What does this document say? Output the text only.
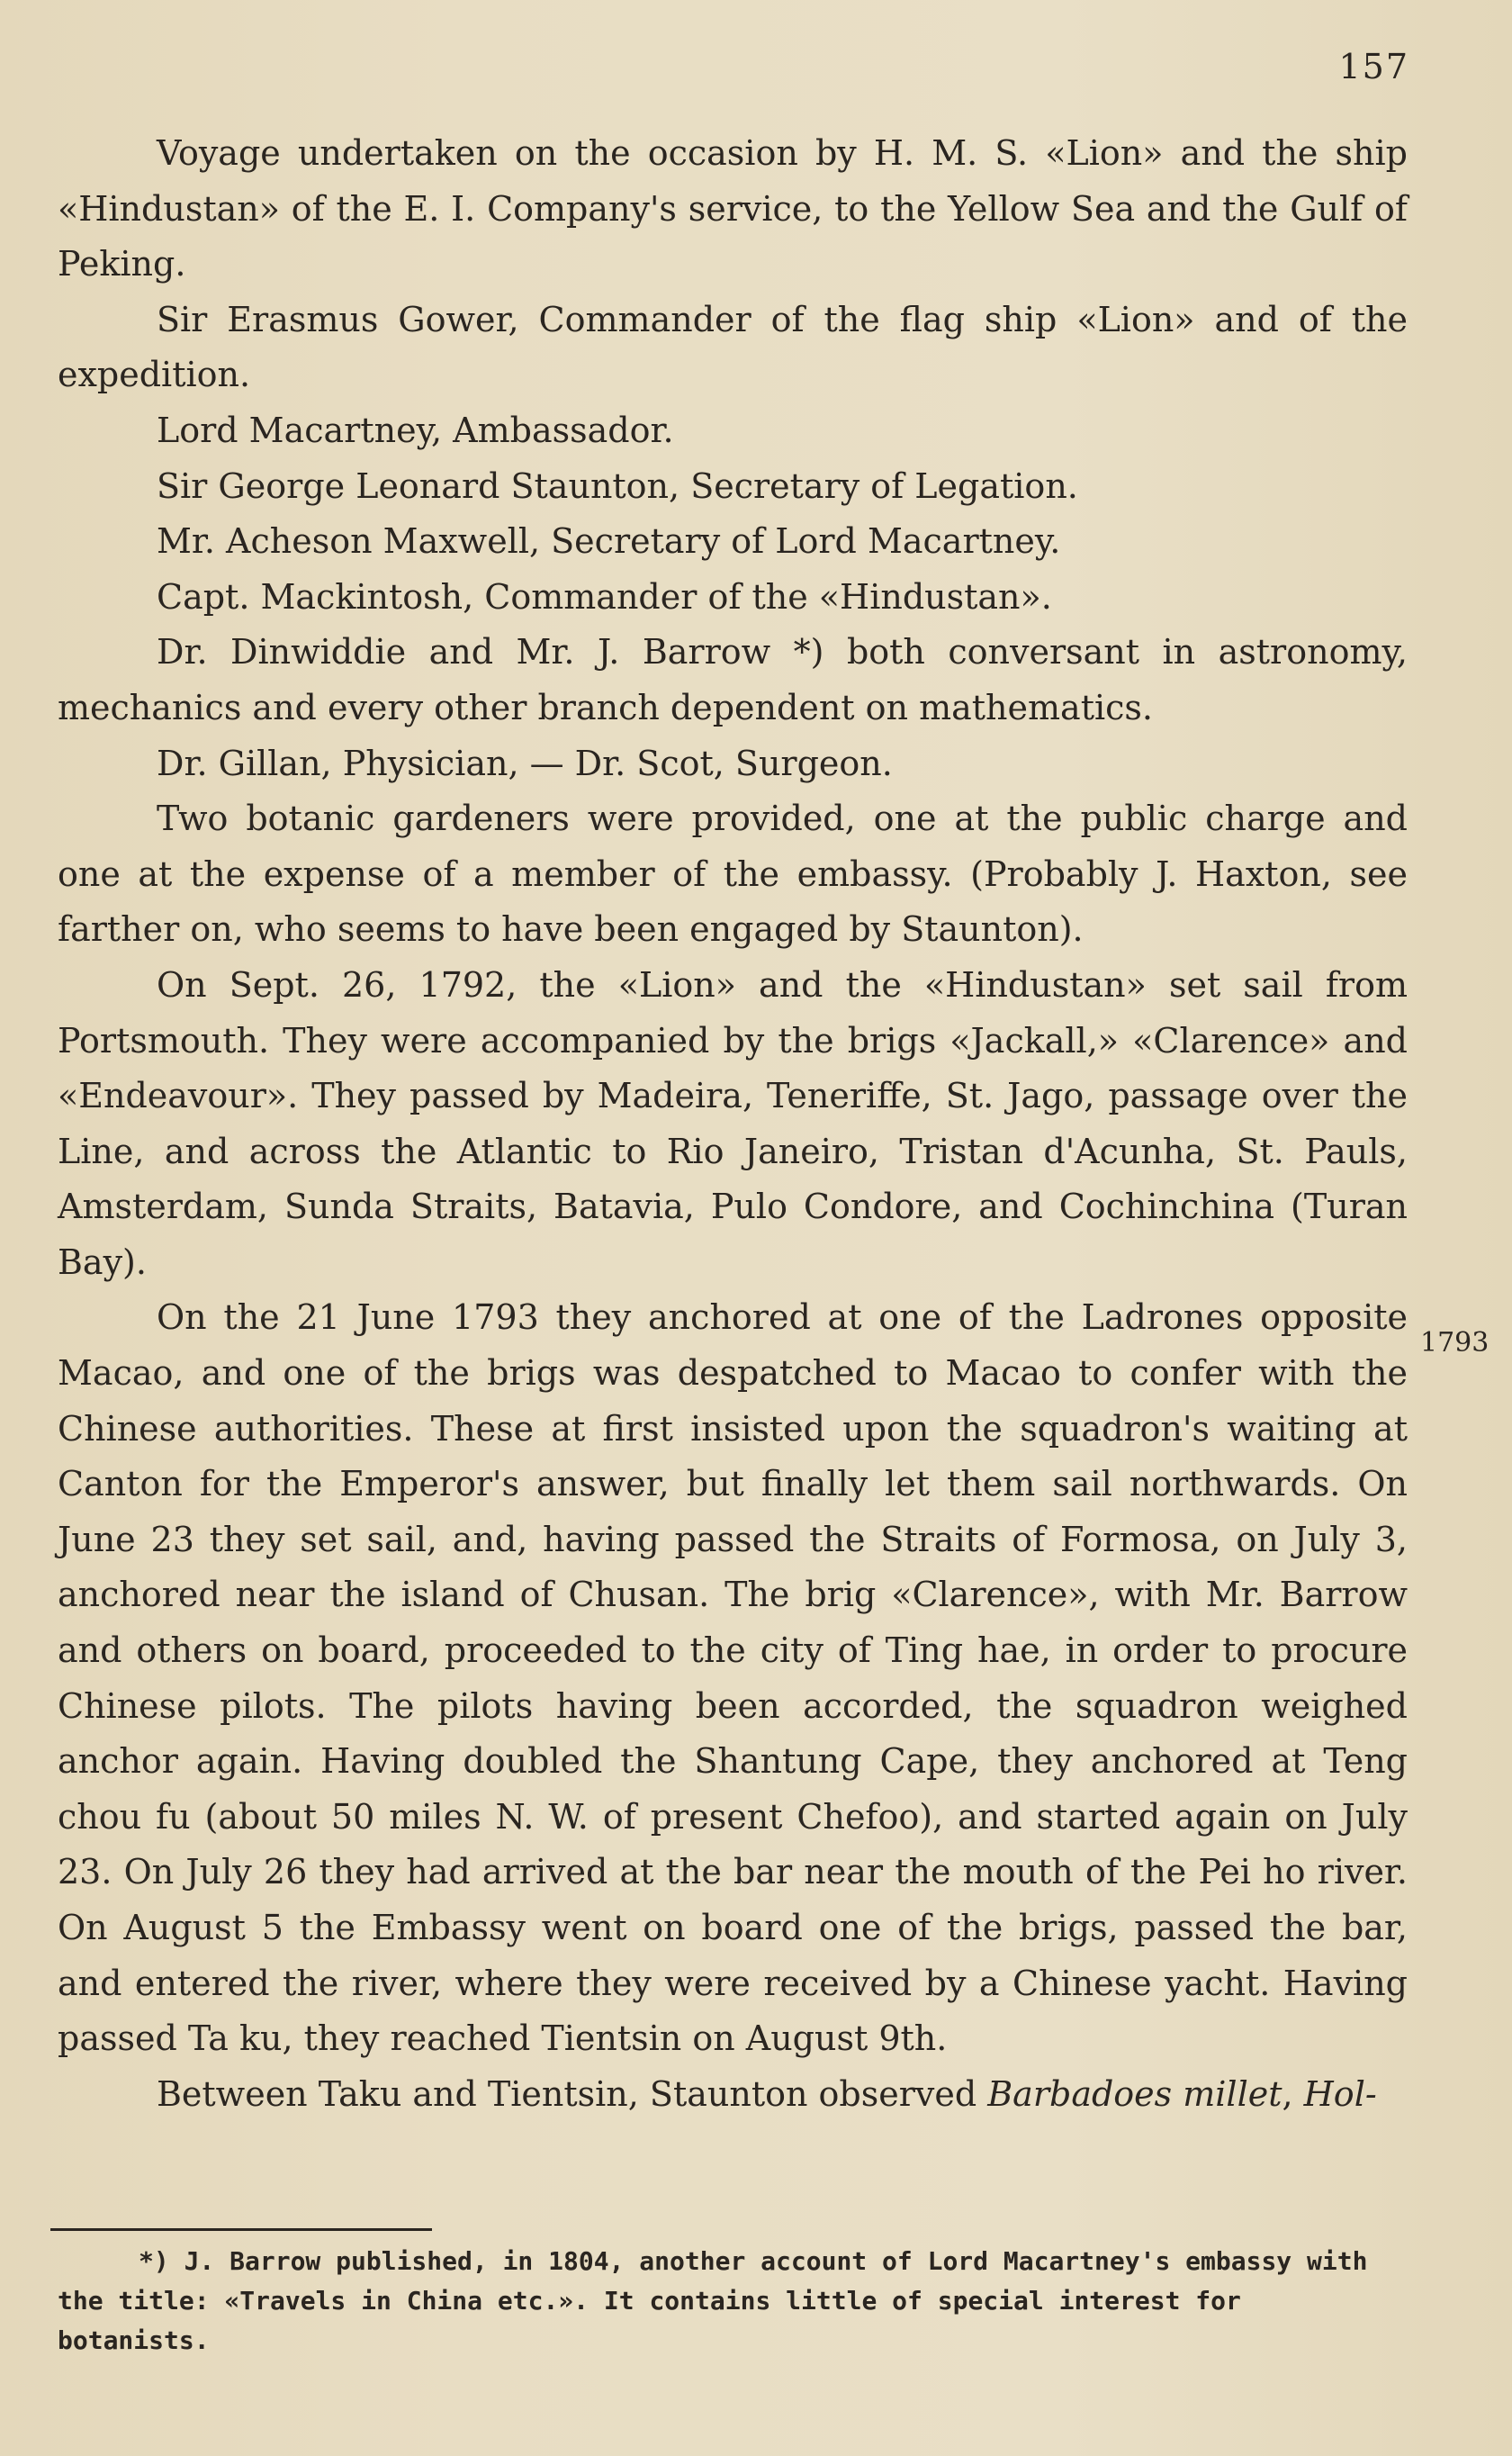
157

Voyage undertaken on the occasion by H. M. S. «Lion» and the ship «Hindustan» of the E. I. Company's service, to the Yellow Sea and the Gulf of Peking.

Sir Erasmus Gower, Commander of the flag ship «Lion» and of the expedition.

Lord Macartney, Ambassador.

Sir George Leonard Staunton, Secretary of Legation.

Mr. Acheson Maxwell, Secretary of Lord Macartney.

Capt. Mackintosh, Commander of the «Hindustan».

Dr. Dinwiddie and Mr. J. Barrow *) both conversant in astronomy, mechanics and every other branch dependent on mathematics.

Dr. Gillan, Physician, — Dr. Scot, Surgeon.

Two botanic gardeners were provided, one at the public charge and one at the expense of a member of the embassy. (Probably J. Haxton, see farther on, who seems to have been engaged by Staunton).

On Sept. 26, 1792, the «Lion» and the «Hindustan» set sail from Portsmouth. They were accompanied by the brigs «Jackall,» «Clarence» and «Endeavour». They passed by Madeira, Teneriffe, St. Jago, passage over the Line, and across the Atlantic to Rio Janeiro, Tristan d'Acunha, St. Pauls, Amsterdam, Sunda Straits, Batavia, Pulo Condore, and Cochinchina (Turan Bay).

On the 21 June 1793 they anchored at one of the Ladrones opposite Macao, and one of the brigs was despatched to Macao to confer with the Chinese authorities. These at first insisted upon the squadron's waiting at Canton for the Emperor's answer, but finally let them sail northwards. On June 23 they set sail, and, having passed the Straits of Formosa, on July 3, anchored near the island of Chusan. The brig «Clarence», with Mr. Barrow and others on board, proceeded to the city of Ting hae, in order to procure Chinese pilots. The pilots having been accorded, the squadron weighed anchor again. Having doubled the Shantung Cape, they anchored at Teng chou fu (about 50 miles N. W. of present Chefoo), and started again on July 23. On July 26 they had arrived at the bar near the mouth of the Pei ho river. On August 5 the Embassy went on board one of the brigs, passed the bar, and entered the river, where they were received by a Chinese yacht. Having passed Ta ku, they reached Tientsin on August 9th.

Between Taku and Tientsin, Staunton observed Barbadoes millet, Hol-

1793

*) J. Barrow published, in 1804, another account of Lord Macartney's embassy with the title: «Travels in China etc.». It contains little of special interest for botanists.
